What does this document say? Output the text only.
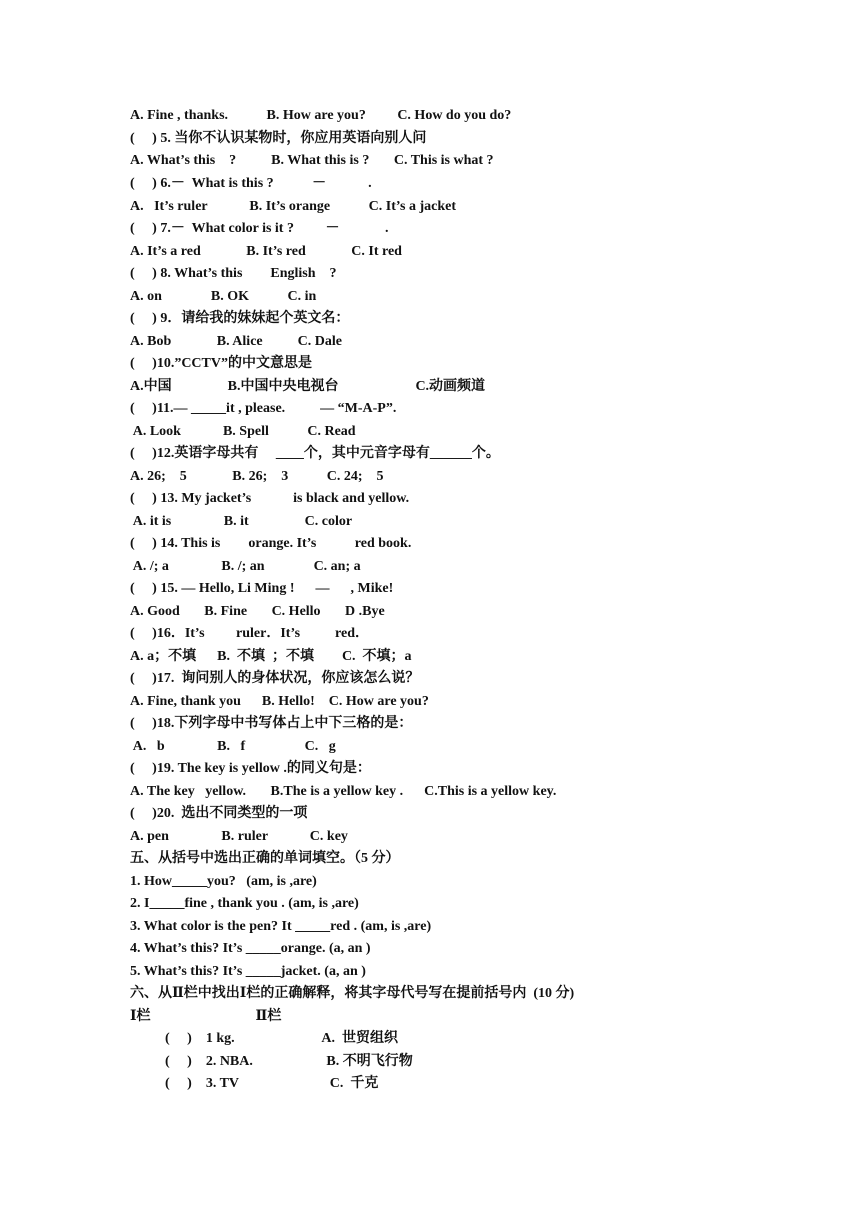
A. Fine , thanks.           B. How are you?         C. How do you do?
(     ) 5. 当你不认识某物时，你应用英语向别人问
A. What’s this    ?          B. What this is ?       C. This is what ?
(     ) 6.－  What is this ?           －            .
A.   It’s ruler            B. It’s orange           C. It’s a jacket
(     ) 7.－  What color is it ?         －             .
A. It’s a red             B. It’s red             C. It red
(     ) 8. What’s this        English    ?
A. on              B. OK           C. in
(     ) 9．请给我的妹妹起个英文名：
A. Bob             B. Alice          C. Dale
(     )10.”CCTV”的中文意思是
A.中国                B.中国中央电视台                      C.动画频道
(     )11.— _____it , please.          — “M-A-P”.
A. Look            B. Spell           C. Read
(     )12.英语字母共有     ____个，其中元音字母有______个。
A. 26;    5             B. 26;    3           C. 24;    5
(     ) 13. My jacket’s            is black and yellow.
A. it is               B. it                C. color
(     ) 14. This is        orange. It’s           red book.
A. /; a               B. /; an              C. an; a
(     ) 15. — Hello, Li Ming !      —      , Mike!
A. Good       B. Fine       C. Hello       D .Bye
(     )16．It’s         ruler．It’s          red．
A. a；不填      B.  不填  ；不填        C.  不填；a
(     )17.  询问别人的身体状况，你应该怎么说？
A. Fine, thank you      B. Hello!    C. How are you?
(     )18.下列字母中书写体占上中下三格的是：
A.   b               B.   f                 C.   g
(     )19. The key is yellow .的同义句是：
A. The key   yellow.       B.The is a yellow key .      C.This is a yellow key.
(     )20.  选出不同类型的一项
A. pen               B. ruler            C. key
五、从括号中选出正确的单词填空。（5 分）
1. How_____you?   (am, is ,are)
2. I_____fine , thank you . (am, is ,are)
3. What color is the pen? It _____red . (am, is ,are)
4. What’s this? It’s _____orange. (a, an )
5. What’s this? It’s _____jacket. (a, an )
六、从Ⅱ栏中找出Ⅰ栏的正确解释，将其字母代号写在提前括号内  (10 分)
Ⅰ栏                              Ⅱ栏
(     )    1 kg.                         A.  世贸组织
(     )    2. NBA.                     B. 不明飞行物
(     )    3. TV                          C.  千克
